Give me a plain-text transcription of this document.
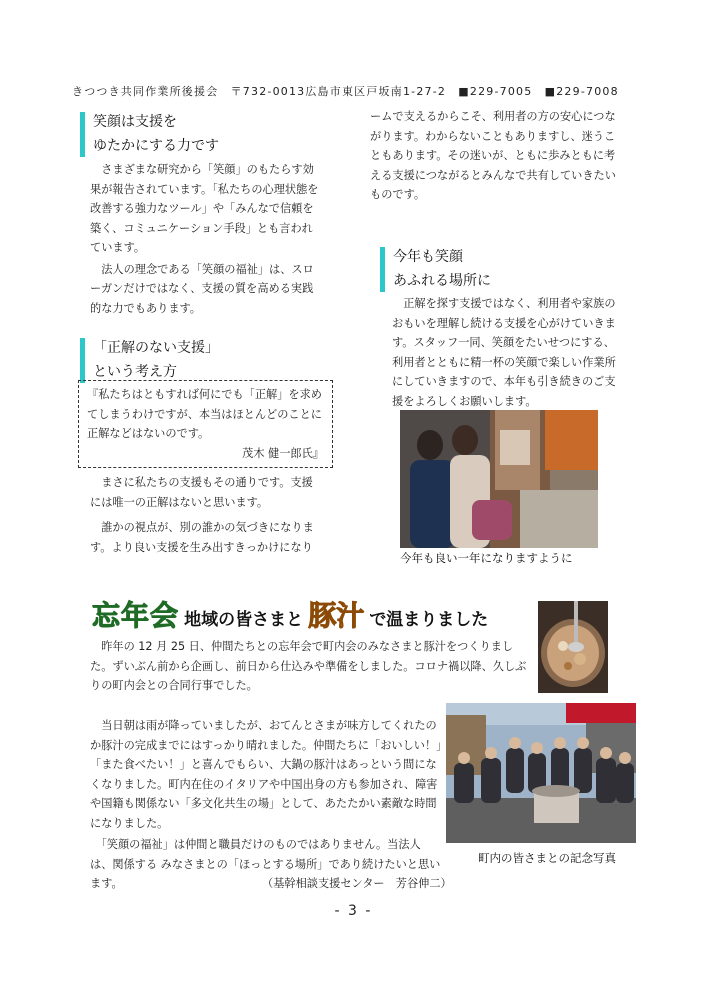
きつつき共同作業所後援会　〒732-0013広島市東区戸坂南1-27-2　■229-7005　■229-7008
笑顔は支援を
ゆたかにする力です

　さまざまな研究から「笑顔」のもたらす効果が報告されています。「私たちの心理状態を改善する強力なツール」や「みんなで信頼を築く、コミュニケーション手段」とも言われています。

　法人の理念である「笑顔の福祉」は、スローガンだけではなく、支援の質を高める実践的な力でもあります。

「正解のない支援」
という考え方
『私たちはともすれば何にでも「正解」を求めてしまうわけですが、本当はほとんどのことに正解などはないのです。
茂木 健一郎氏』

　まさに私たちの支援もその通りです。支援には唯一の正解はないと思います。

　誰かの視点が、別の誰かの気づきになります。より良い支援を生み出すきっかけになり

　ームで支えるからこそ、利用者の方の安心につながります。わからないこともありますし、迷うこともあります。その迷いが、ともに歩みともに考える支援につながるとみんなで共有していきたいものです。

今年も笑顔
あふれる場所に

　正解を探す支援ではなく、利用者や家族のおもいを理解し続ける支援を心がけていきます。スタッフ一同、笑顔をたいせつにする、利用者とともに精一杯の笑顔で楽しい作業所にしていきますので、本年も引き続きのご支援をよろしくお願いします。

今年も良い一年になりますように
忘年会 地域の皆さまと 豚汁 で温まりました

　昨年の 12 月 25 日、仲間たちとの忘年会で町内会のみなさまと豚汁をつくりました。ずいぶん前から企画し、前日から仕込みや準備をしました。コロナ禍以降、久しぶりの町内会との合同行事でした。

　当日朝は雨が降っていましたが、おてんとさまが味方してくれたのか豚汁の完成までにはすっかり晴れました。仲間たちに「おいしい！」「また食べたい！」と喜んでもらい、大鍋の豚汁はあっという間になくなりました。町内在住のイタリアや中国出身の方も参加され、障害や国籍も関係ない「多文化共生の場」として、あたたかい素敵な時間になりました。

　「笑顔の福祉」は仲間と職員だけのものではありません。当法人は、関係する みなさまとの「ほっとする場所」であり続けたいと思います。

町内の皆さまとの記念写真
（基幹相談支援センター　芳谷伸二）
- 3 -
